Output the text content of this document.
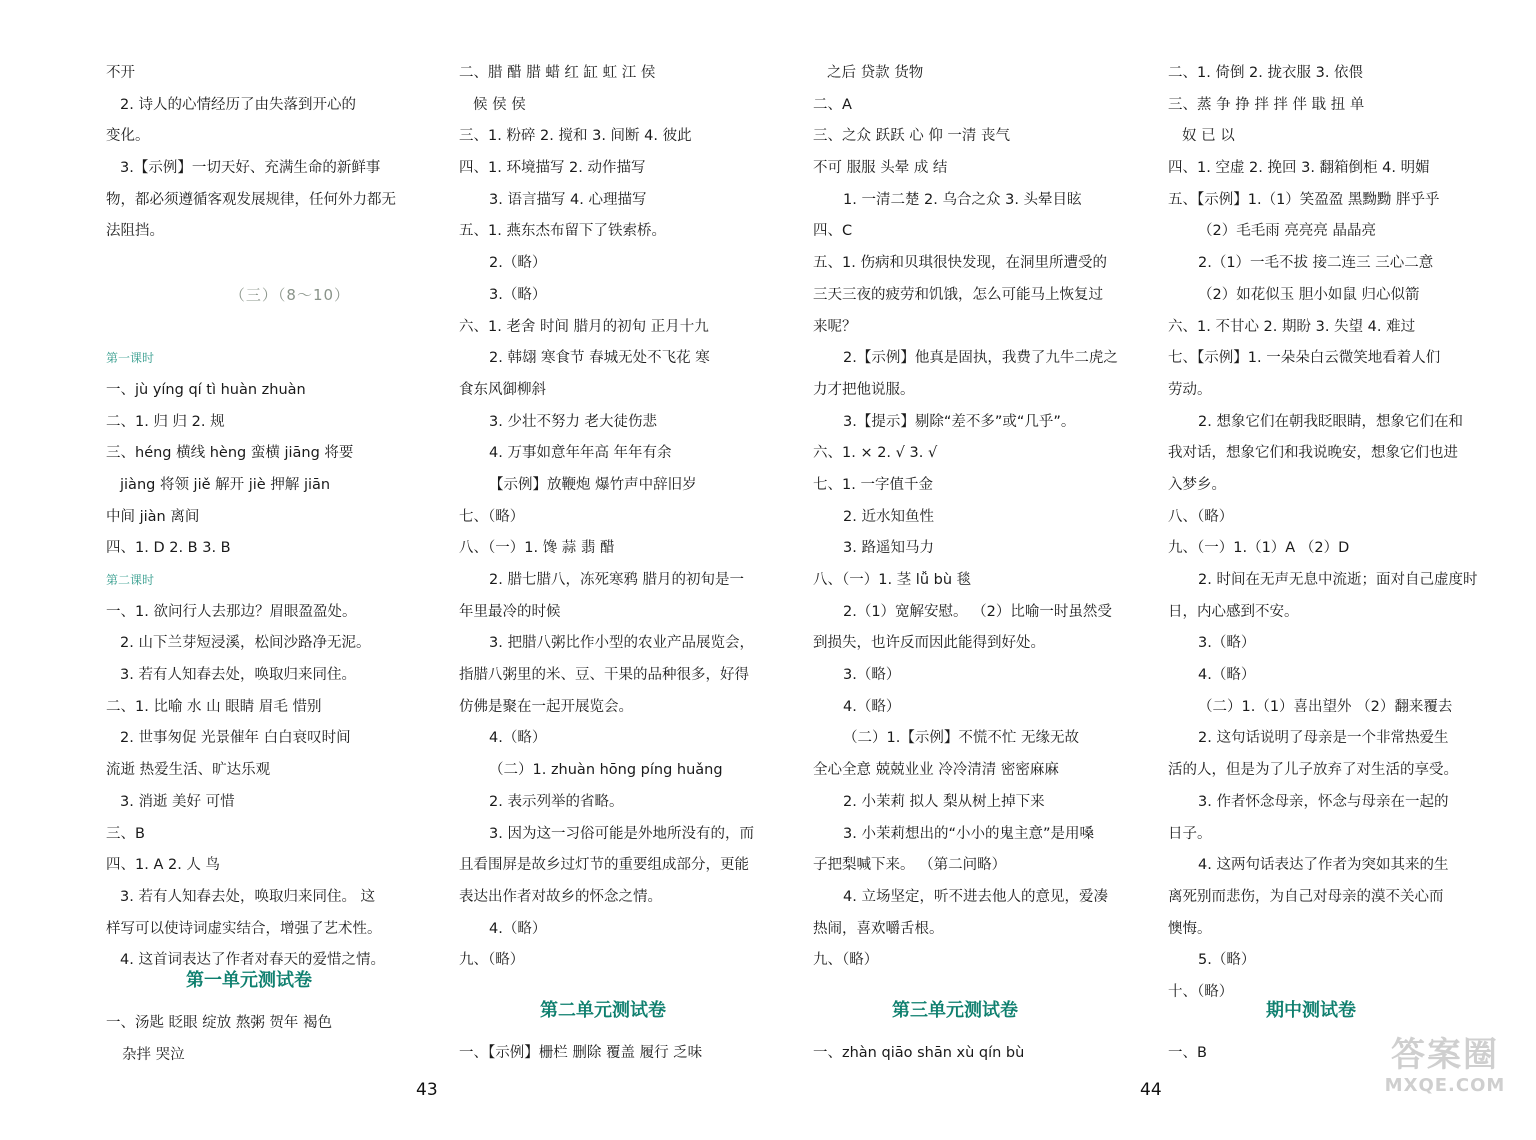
不开
2. 诗人的心情经历了由失落到开心的
变化。
3.【示例】一切天好、充满生命的新鲜事
物，都必须遵循客观发展规律，任何外力都无
法阻挡。
（三）（8～10）
第一课时
一、jù yíng qí tì huàn zhuàn
二、1. 归 归 2. 规
三、héng 横线 hèng 蛮横 jiāng 将要
jiàng 将领 jiě 解开 jiè 押解 jiān
中间 jiàn 离间
四、1. D 2. B 3. B
第二课时
一、1. 欲问行人去那边？眉眼盈盈处。
2. 山下兰芽短浸溪，松间沙路净无泥。
3. 若有人知春去处，唤取归来同住。
二、1. 比喻 水 山 眼睛 眉毛 惜别
2. 世事匆促 光景催年 白白衰叹时间
流逝 热爱生活、旷达乐观
3. 消逝 美好 可惜
三、B
四、1. A 2. 人 鸟
3. 若有人知春去处，唤取归来同住。 这
样写可以使诗词虚实结合，增强了艺术性。
4. 这首词表达了作者对春天的爱惜之情。
二、腊 醋 腊 蜡 红 缸 虹 江 侯
候 侯 侯
三、1. 粉碎 2. 搅和 3. 间断 4. 彼此
四、1. 环境描写 2. 动作描写
3. 语言描写 4. 心理描写
五、1. 燕东杰布留下了铁索桥。
2.（略）
3.（略）
六、1. 老舍 时间 腊月的初旬 正月十九
2. 韩翃 寒食节 春城无处不飞花 寒
食东风御柳斜
3. 少壮不努力 老大徒伤悲
4. 万事如意年年高 年年有余
【示例】放鞭炮 爆竹声中辞旧岁
七、（略）
八、（一）1. 馋 蒜 翡 醋
2. 腊七腊八，冻死寒鸦 腊月的初旬是一
年里最冷的时候
3. 把腊八粥比作小型的农业产品展览会，
指腊八粥里的米、豆、干果的品种很多，好得
仿佛是聚在一起开展览会。
4.（略）
（二）1. zhuàn hōng píng huǎng
2. 表示列举的省略。
3. 因为这一习俗可能是外地所没有的，而
且看围屏是故乡过灯节的重要组成部分，更能
表达出作者对故乡的怀念之情。
4.（略）
九、（略）
之后 贷款 货物
二、A
三、之众 跃跃 心 仰 一清 丧气
不可 服服 头晕 成 结
1. 一清二楚 2. 乌合之众 3. 头晕目眩
四、C
五、1. 伤病和贝琪很快发现，在洞里所遭受的
三天三夜的疲劳和饥饿，怎么可能马上恢复过
来呢？
2.【示例】他真是固执，我费了九牛二虎之
力才把他说服。
3.【提示】剔除“差不多”或“几乎”。
六、1. × 2. √ 3. √
七、1. 一字值千金
2. 近水知鱼性
3. 路遥知马力
八、（一）1. 茎 lǚ bù 毯
2.（1）宽解安慰。 （2）比喻一时虽然受
到损失，也许反而因此能得到好处。
3.（略）
4.（略）
（二）1.【示例】不慌不忙 无缘无故
全心全意 兢兢业业 冷冷清清 密密麻麻
2. 小茉莉 拟人 梨从树上掉下来
3. 小茉莉想出的“小小的鬼主意”是用嗓
子把梨喊下来。 （第二问略）
4. 立场坚定，听不进去他人的意见，爱凑
热闹，喜欢嚼舌根。
九、（略）
二、1. 倚倒 2. 拢衣服 3. 依偎
三、蒸 争 挣 拌 拌 伴 戢 扭 单
奴 已 以
四、1. 空虚 2. 挽回 3. 翻箱倒柜 4. 明媚
五、【示例】1.（1）笑盈盈 黑黝黝 胖乎乎
（2）毛毛雨 亮亮亮 晶晶亮
2.（1）一毛不拔 接二连三 三心二意
（2）如花似玉 胆小如鼠 归心似箭
六、1. 不甘心 2. 期盼 3. 失望 4. 难过
七、【示例】1. 一朵朵白云微笑地看着人们
劳动。
2. 想象它们在朝我眨眼睛，想象它们在和
我对话，想象它们和我说晚安，想象它们也进
入梦乡。
八、（略）
九、（一）1.（1）A （2）D
2. 时间在无声无息中流逝；面对自己虚度时
日，内心感到不安。
3.（略）
4.（略）
（二）1.（1）喜出望外 （2）翻来覆去
2. 这句话说明了母亲是一个非常热爱生
活的人，但是为了儿子放弃了对生活的享受。
3. 作者怀念母亲，怀念与母亲在一起的
日子。
4. 这两句话表达了作者为突如其来的生
离死别而悲伤，为自己对母亲的漠不关心而
懊悔。
5.（略）
十、（略）
第一单元测试卷
一、汤匙 眨眼 绽放 熬粥 贺年 褐色
杂拌 哭泣
第二单元测试卷
一、【示例】栅栏 删除 覆盖 履行 乏味
第三单元测试卷
一、zhàn qiāo shān xù qín bù
期中测试卷
一、B
43	44
答案圈
MXQE.COM
